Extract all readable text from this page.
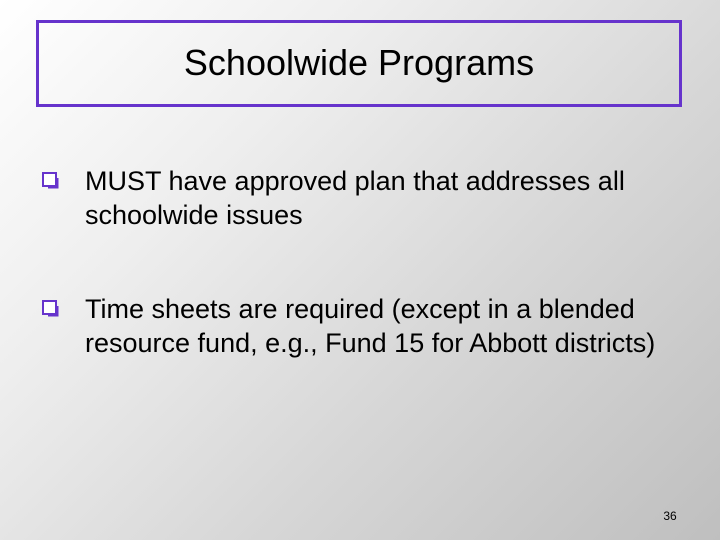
Schoolwide Programs
MUST have approved plan that addresses all schoolwide issues
Time sheets are required (except in a blended resource fund, e.g., Fund 15 for Abbott districts)
36
